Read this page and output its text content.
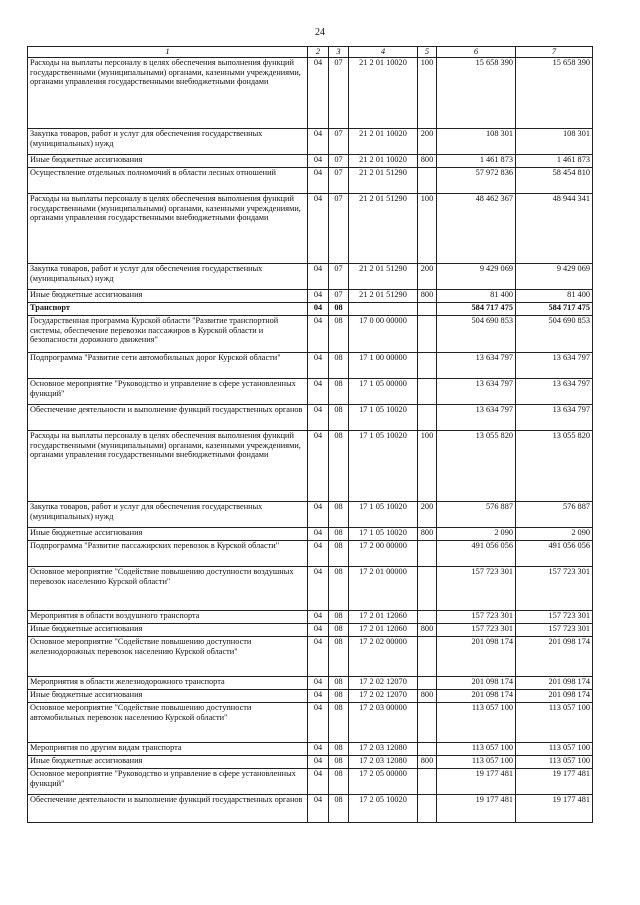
24
1	2	3	4	5	6	7
Расходы на выплаты персоналу в целях обеспечения выполнения функций государственными (муниципальными) органами, казенными учреждениями, органами управления государственными внебюджетными фондами	04	07	21 2 01 10020	100	15 658 390	15 658 390
Закупка товаров, работ и услуг для обеспечения государственных (муниципальных) нужд	04	07	21 2 01 10020	200	108 301	108 301
Иные бюджетные ассигнования	04	07	21 2 01 10020	800	1 461 873	1 461 873
Осуществление отдельных полномочий в области лесных отношений	04	07	21 2 01 51290		57 972 836	58 454 810
Расходы на выплаты персоналу в целях обеспечения выполнения функций государственными (муниципальными) органами, казенными учреждениями, органами управления государственными внебюджетными фондами	04	07	21 2 01 51290	100	48 462 367	48 944 341
Закупка товаров, работ и услуг для обеспечения государственных (муниципальных) нужд	04	07	21 2 01 51290	200	9 429 069	9 429 069
Иные бюджетные ассигнования	04	07	21 2 01 51290	800	81 400	81 400
Транспорт	04	08			584 717 475	584 717 475
Государственная программа Курской области "Развитие транспортной системы, обеспечение перевозки пассажиров в Курской области и безопасности дорожного движения"	04	08	17 0 00 00000		504 690 853	504 690 853
Подпрограмма "Развитие сети автомобильных дорог Курской области"	04	08	17 1 00 00000		13 634 797	13 634 797
Основное мероприятие "Руководство и управление в сфере установленных функций"	04	08	17 1 05 00000		13 634 797	13 634 797
Обеспечение деятельности и выполнение функций государственных органов	04	08	17 1 05 10020		13 634 797	13 634 797
Расходы на выплаты персоналу в целях обеспечения выполнения функций государственными (муниципальными) органами, казенными учреждениями, органами управления государственными внебюджетными фондами	04	08	17 1 05 10020	100	13 055 820	13 055 820
Закупка товаров, работ и услуг для обеспечения государственных (муниципальных) нужд	04	08	17 1 05 10020	200	576 887	576 887
Иные бюджетные ассигнования	04	08	17 1 05 10020	800	2 090	2 090
Подпрограмма "Развитие пассажирских перевозок в Курской области"	04	08	17 2 00 00000		491 056 056	491 056 056
Основное мероприятие "Содействие повышению доступности воздушных перевозок населению Курской области"	04	08	17 2 01 00000		157 723 301	157 723 301
Мероприятия в области воздушного транспорта	04	08	17 2 01 12060		157 723 301	157 723 301
Иные бюджетные ассигнования	04	08	17 2 01 12060	800	157 723 301	157 723 301
Основное мероприятие "Содействие повышению доступности железнодорожных перевозок населению Курской области"	04	08	17 2 02 00000		201 098 174	201 098 174
Мероприятия в области железнодорожного транспорта	04	08	17 2 02 12070		201 098 174	201 098 174
Иные бюджетные ассигнования	04	08	17 2 02 12070	800	201 098 174	201 098 174
Основное мероприятие "Содействие повышению доступности автомобильных перевозок населению Курской области"	04	08	17 2 03 00000		113 057 100	113 057 100
Мероприятия по другим видам транспорта	04	08	17 2 03 12080		113 057 100	113 057 100
Иные бюджетные ассигнования	04	08	17 2 03 12080	800	113 057 100	113 057 100
Основное мероприятие "Руководство и управление в сфере установленных функций"	04	08	17 2 05 00000		19 177 481	19 177 481
Обеспечение деятельности и выполнение функций государственных органов	04	08	17 2 05 10020		19 177 481	19 177 481
